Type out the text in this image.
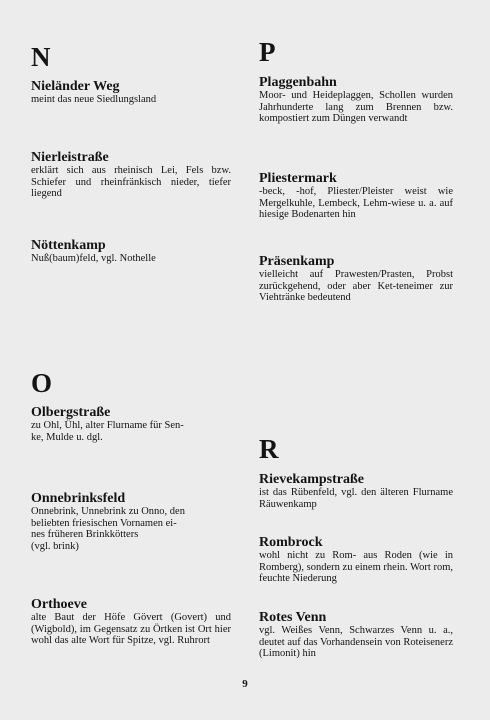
N

Nieländer Weg

meint das neue Siedlungsland

Nierleistraße

erklärt sich aus rheinisch Lei, Fels bzw. Schiefer und rheinfränkisch nieder, tiefer liegend

Nöttenkamp

Nuß(baum)feld, vgl. Nothelle

O

Olbergstraße

zu Ohl, Ühl, alter Flurname für Sen-
ke, Mulde u. dgl.

Onnebrinksfeld

Onnebrink, Unnebrink zu Onno, den
beliebten friesischen Vornamen ei-
nes früheren Brinkkötters
(vgl. brink)

Orthoeve

alte Baut der Höfe Gövert (Govert) und (Wigbold), im Gegensatz zu Örtken ist Ort hier wohl das alte Wort für Spitze, vgl. Ruhrort

P

Plaggenbahn

Moor- und Heideplaggen, Schollen wurden Jahrhunderte lang zum Brennen bzw. kompostiert zum Düngen verwandt

Pliestermark

-beck, -hof, Pliester/Pleister weist wie Mergelkuhle, Lembeck, Lehm-wiese u. a. auf hiesige Bodenarten hin

Präsenkamp

vielleicht auf Prawesten/Prasten, Probst zurückgehend, oder aber Ket-teneimer zur Viehtränke bedeutend

R

Rievekampstraße

ist das Rübenfeld, vgl. den älteren Flurname Räuwenkamp

Rombrock

wohl nicht zu Rom- aus Roden (wie in Romberg), sondern zu einem rhein. Wort rom, feuchte Niederung

Rotes Venn

vgl. Weißes Venn, Schwarzes Venn u. a., deutet auf das Vorhandensein von Roteisenerz (Limonit) hin

9
